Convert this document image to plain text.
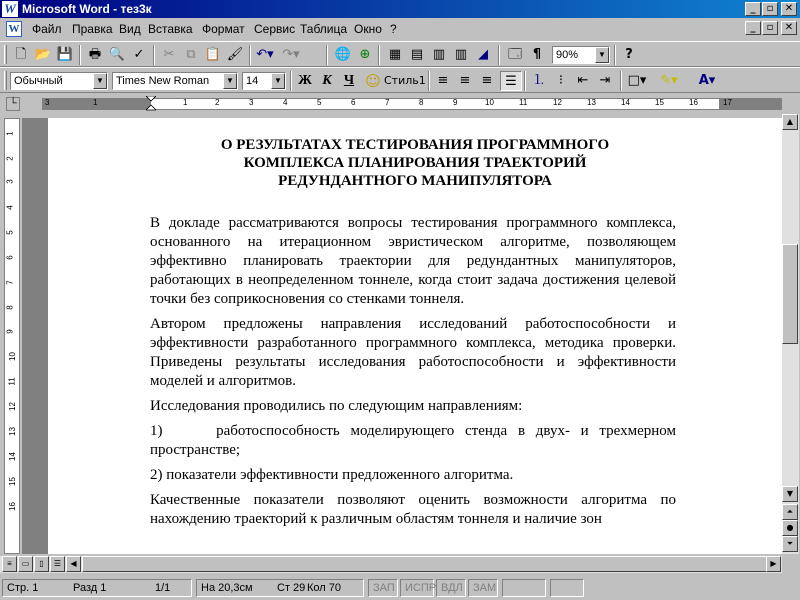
W Microsoft Word - тез3к	_	▫	✕
W Файл Правка Вид Вставка Формат Сервис Таблица Окно ?	_	▫	✕
🗋 📂 💾	🖶 🔍 ✓	✂ ⧉ 📋 🖌 ↶▾ ↷▾	🌐 ⊕	▦ ▤ ▥ ▥ ◢	🗔 ¶	90%	▼	?
Обычный	▼	Times New Roman	▼	14	▼ Ж К Ч ☺ Стиль1 ≡ ≡ ≡ ☰	⒈	⁝	⇤ ⇥	□▾ ✎▾ A▾
└	3	1	1	2	3	4	5	6	7	8	9	10	11	12	13	14	15	16	17
1
2
3
4
5
6
7
8
9
10
11
12
13
14
15
16
О РЕЗУЛЬТАТАХ ТЕСТИРОВАНИЯ ПРОГРАММНОГО
КОМПЛЕКСА ПЛАНИРОВАНИЯ ТРАЕКТОРИЙ
РЕДУНДАНТНОГО МАНИПУЛЯТОРА

В докладе рассматриваются вопросы тестирования программного комплекса, основанного на итерационном эвристическом алгоритме, позволяющем эффективно планировать траектории для редундантных манипуляторов, работающих в неопределенном тоннеле, когда стоит задача достижения целевой точки без соприкосновения со стенками тоннеля.

Автором предложены направления исследований работоспособности и эффективности разработанного программного комплекса, методика проверки. Приведены результаты исследования работоспособности и эффективности моделей и алгоритмов.

Исследования проводились по следующим направлениям:

1)     работоспособность моделирующего стенда в двух- и трехмерном пространстве;

2) показатели эффективности предложенного алгоритма.

Качественные показатели позволяют оценить возможности алгоритма по нахождению траекторий к различным областям тоннеля и наличие зон

▲
▼
⏶
●
⏷
≡	▭	▯	☰	◀	▶
Стр. 1	Разд 1	1/1	На 20,3см Ст 29 Кол 70	ЗАП ИСПР ВДЛ ЗАМ
